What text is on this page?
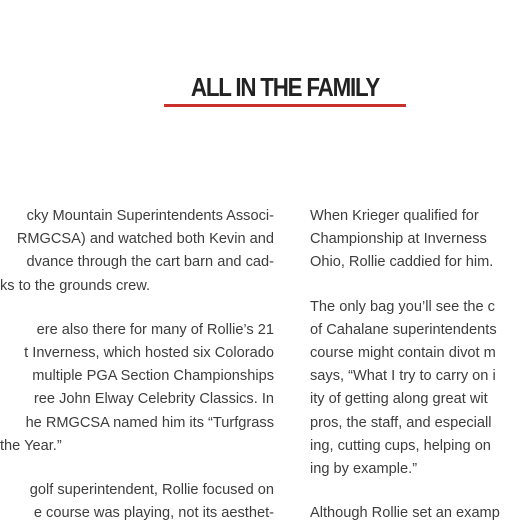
ALL IN THE FAMILY
cky Mountain Superintendents Associ-
RMGCSA) and watched both Kevin and
dvance through the cart barn and cad-
ks to the grounds crew.
ere also there for many of Rollie’s 21
t Inverness, which hosted six Colorado
multiple PGA Section Championships
ree John Elway Celebrity Classics. In
he RMGCSA named him its “Turfgrass
the Year.”
golf superintendent, Rollie focused on
e course was playing, not its aesthet-
When Krieger qualified for
Championship at Inverness
Ohio, Rollie caddied for him.
The only bag you’ll see the c
of Cahalane superintendents
course might contain divot m
says, “What I try to carry on i
ity of getting along great wit
pros, the staff, and especiall
ing, cutting cups, helping on
ing by example.”
Although Rollie set an examp
